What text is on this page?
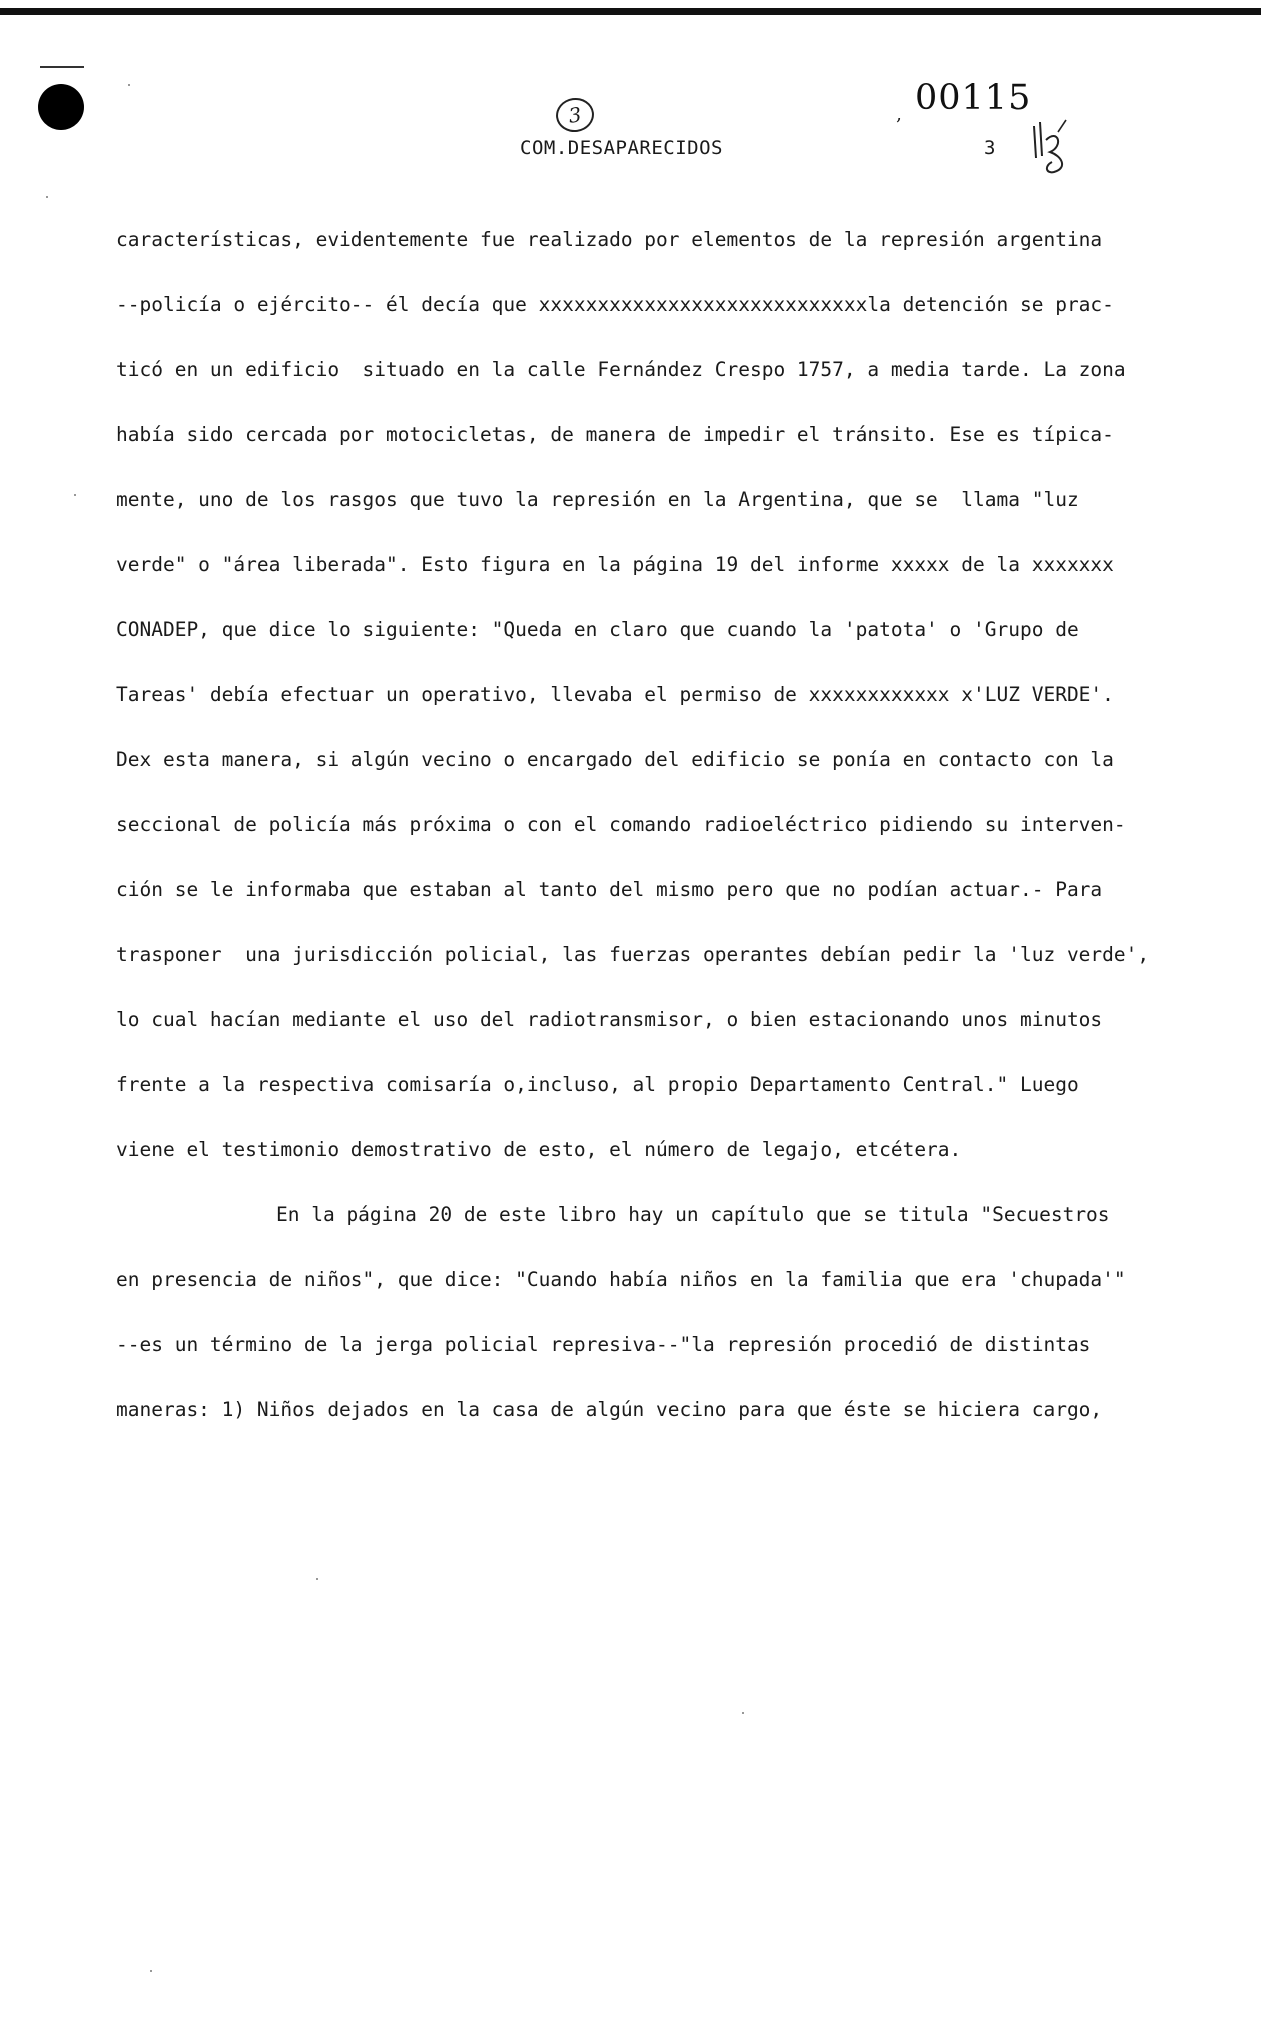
3	‚ 00115
COM.DESAPARECIDOS	3
características, evidentemente fue realizado por elementos de la represión argentina
--policía o ejército-- él decía que xxxxxxxxxxxxxxxxxxxxxxxxxxxxla detención se prac-
ticó en un edificio  situado en la calle Fernández Crespo 1757, a media tarde. La zona
había sido cercada por motocicletas, de manera de impedir el tránsito. Ese es típica-
mente, uno de los rasgos que tuvo la represión en la Argentina, que se  llama "luz
verde" o "área liberada". Esto figura en la página 19 del informe xxxxx de la xxxxxxx
CONADEP, que dice lo siguiente: "Queda en claro que cuando la 'patota' o 'Grupo de
Tareas' debía efectuar un operativo, llevaba el permiso de xxxxxxxxxxxx x'LUZ VERDE'.
Dex esta manera, si algún vecino o encargado del edificio se ponía en contacto con la
seccional de policía más próxima o con el comando radioeléctrico pidiendo su interven-
ción se le informaba que estaban al tanto del mismo pero que no podían actuar.- Para
trasponer  una jurisdicción policial, las fuerzas operantes debían pedir la 'luz verde',
lo cual hacían mediante el uso del radiotransmisor, o bien estacionando unos minutos
frente a la respectiva comisaría o,incluso, al propio Departamento Central." Luego
viene el testimonio demostrativo de esto, el número de legajo, etcétera.
En la página 20 de este libro hay un capítulo que se titula "Secuestros
en presencia de niños", que dice: "Cuando había niños en la familia que era 'chupada'"
--es un término de la jerga policial represiva--"la represión procedió de distintas
maneras: 1) Niños dejados en la casa de algún vecino para que éste se hiciera cargo,
